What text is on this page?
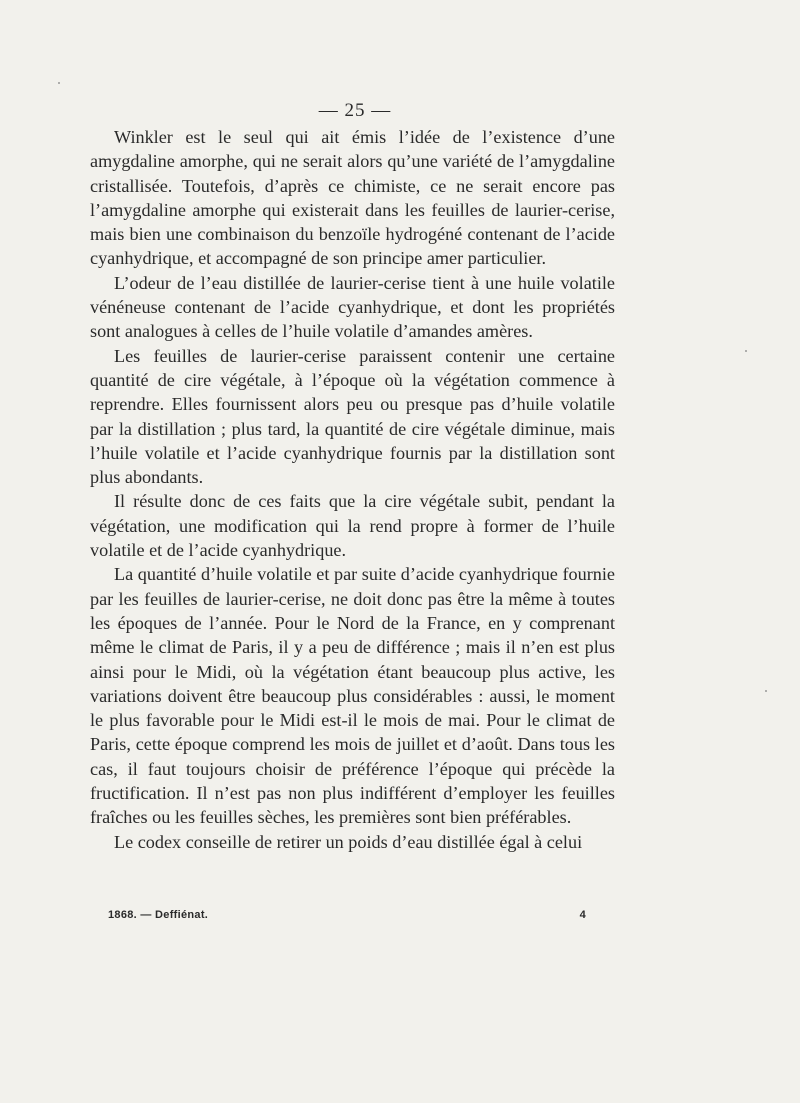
— 25 —

Winkler est le seul qui ait émis l’idée de l’existence d’une amygdaline amorphe, qui ne serait alors qu’une variété de l’amygdaline cristallisée. Toutefois, d’après ce chimiste, ce ne serait encore pas l’amygdaline amorphe qui existerait dans les feuilles de laurier-cerise, mais bien une combinaison du benzoïle hydrogéné contenant de l’acide cyanhydrique, et accompagné de son principe amer particulier.

L’odeur de l’eau distillée de laurier-cerise tient à une huile volatile vénéneuse contenant de l’acide cyanhydrique, et dont les propriétés sont analogues à celles de l’huile volatile d’amandes amères.

Les feuilles de laurier-cerise paraissent contenir une certaine quantité de cire végétale, à l’époque où la végétation commence à reprendre. Elles fournissent alors peu ou presque pas d’huile volatile par la distillation ; plus tard, la quantité de cire végétale diminue, mais l’huile volatile et l’acide cyanhydrique fournis par la distillation sont plus abondants.

Il résulte donc de ces faits que la cire végétale subit, pendant la végétation, une modification qui la rend propre à former de l’huile volatile et de l’acide cyanhydrique.

La quantité d’huile volatile et par suite d’acide cyanhydrique fournie par les feuilles de laurier-cerise, ne doit donc pas être la même à toutes les époques de l’année. Pour le Nord de la France, en y comprenant même le climat de Paris, il y a peu de différence ; mais il n’en est plus ainsi pour le Midi, où la végétation étant beaucoup plus active, les variations doivent être beaucoup plus considérables : aussi, le moment le plus favorable pour le Midi est-il le mois de mai. Pour le climat de Paris, cette époque comprend les mois de juillet et d’août. Dans tous les cas, il faut toujours choisir de préférence l’époque qui précède la fructification. Il n’est pas non plus indifférent d’employer les feuilles fraîches ou les feuilles sèches, les premières sont bien préférables.

Le codex conseille de retirer un poids d’eau distillée égal à celui

1868. — Deffiénat.	4
